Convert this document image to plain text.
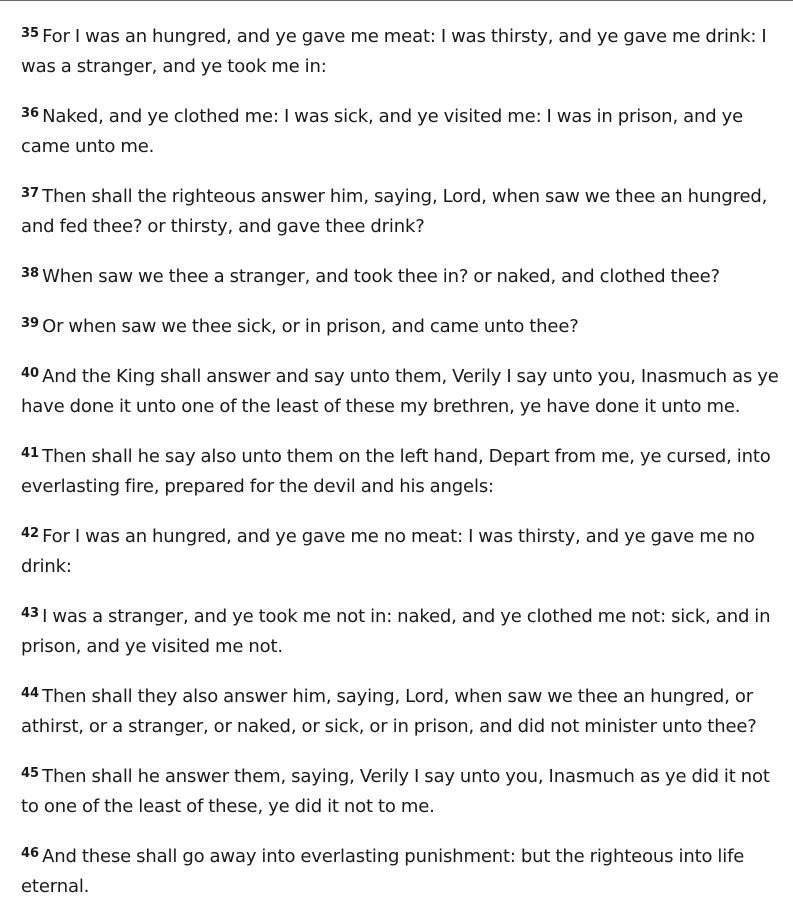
$^{35}$ For I was an hungred, and ye gave me meat: I was thirsty, and ye gave me drink: I was a stranger, and ye took me in:

$^{36}$ Naked, and ye clothed me: I was sick, and ye visited me: I was in prison, and ye came unto me.

$^{37}$ Then shall the righteous answer him, saying, Lord, when saw we thee an hungred, and fed thee? or thirsty, and gave thee drink?

$^{38}$ When saw we thee a stranger, and took thee in? or naked, and clothed thee?

$^{39}$ Or when saw we thee sick, or in prison, and came unto thee?

$^{40}$ And the King shall answer and say unto them, Verily I say unto you, Inasmuch as ye have done it unto one of the least of these my brethren, ye have done it unto me.

$^{41}$ Then shall he say also unto them on the left hand, Depart from me, ye cursed, into everlasting fire, prepared for the devil and his angels:

$^{42}$ For I was an hungred, and ye gave me no meat: I was thirsty, and ye gave me no drink:

$^{43}$ I was a stranger, and ye took me not in: naked, and ye clothed me not: sick, and in prison, and ye visited me not.

$^{44}$ Then shall they also answer him, saying, Lord, when saw we thee an hungred, or athirst, or a stranger, or naked, or sick, or in prison, and did not minister unto thee?

$^{45}$ Then shall he answer them, saying, Verily I say unto you, Inasmuch as ye did it not to one of the least of these, ye did it not to me.

$^{46}$ And these shall go away into everlasting punishment: but the righteous into life eternal.
